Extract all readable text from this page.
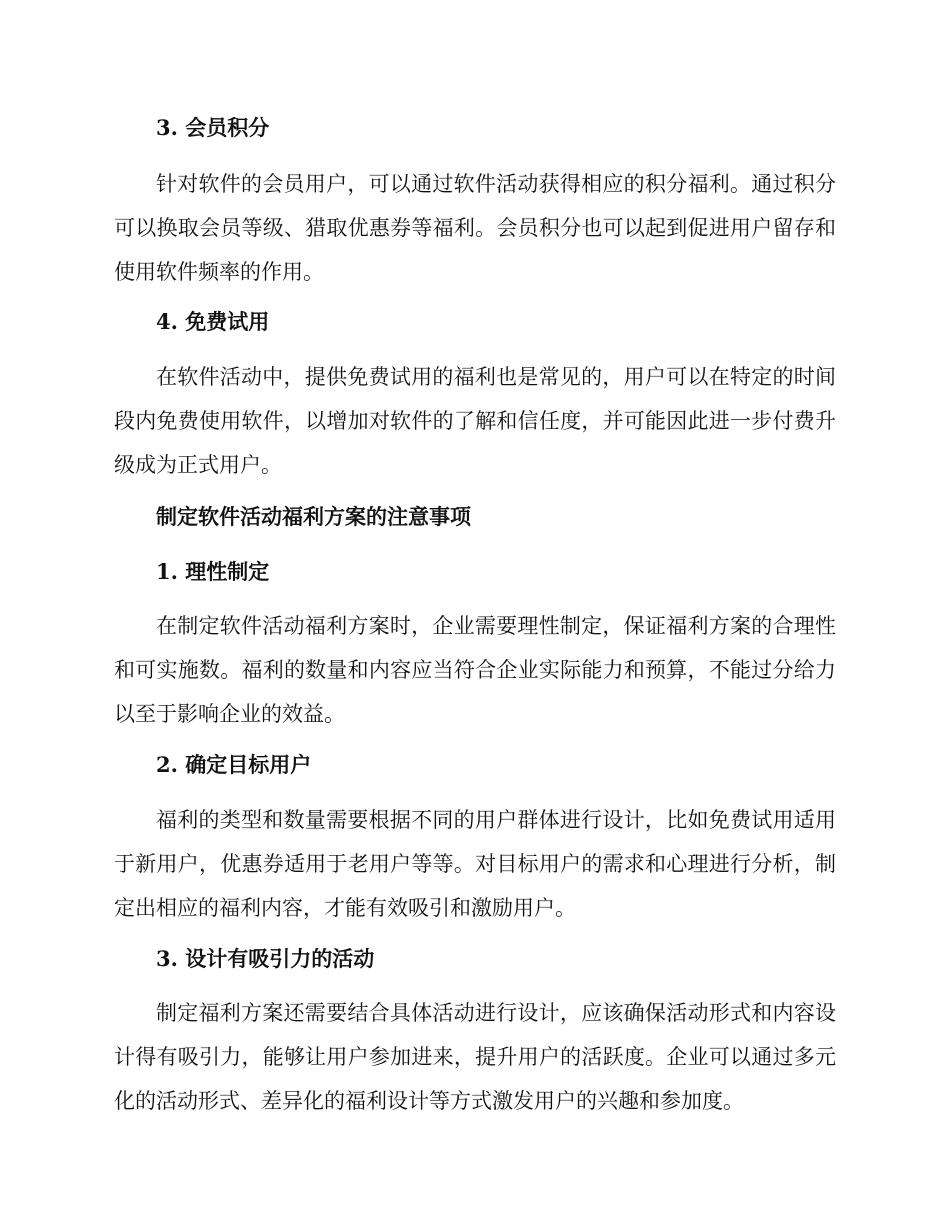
3. 会员积分

针对软件的会员用户，可以通过软件活动获得相应的积分福利。通过积分可以换取会员等级、猎取优惠券等福利。会员积分也可以起到促进用户留存和使用软件频率的作用。

4. 免费试用

在软件活动中，提供免费试用的福利也是常见的，用户可以在特定的时间段内免费使用软件，以增加对软件的了解和信任度，并可能因此进一步付费升级成为正式用户。

制定软件活动福利方案的注意事项
1. 理性制定

在制定软件活动福利方案时，企业需要理性制定，保证福利方案的合理性和可实施数。福利的数量和内容应当符合企业实际能力和预算，不能过分给力以至于影响企业的效益。

2. 确定目标用户

福利的类型和数量需要根据不同的用户群体进行设计，比如免费试用适用于新用户，优惠券适用于老用户等等。对目标用户的需求和心理进行分析，制定出相应的福利内容，才能有效吸引和激励用户。

3. 设计有吸引力的活动

制定福利方案还需要结合具体活动进行设计，应该确保活动形式和内容设计得有吸引力，能够让用户参加进来，提升用户的活跃度。企业可以通过多元化的活动形式、差异化的福利设计等方式激发用户的兴趣和参加度。
